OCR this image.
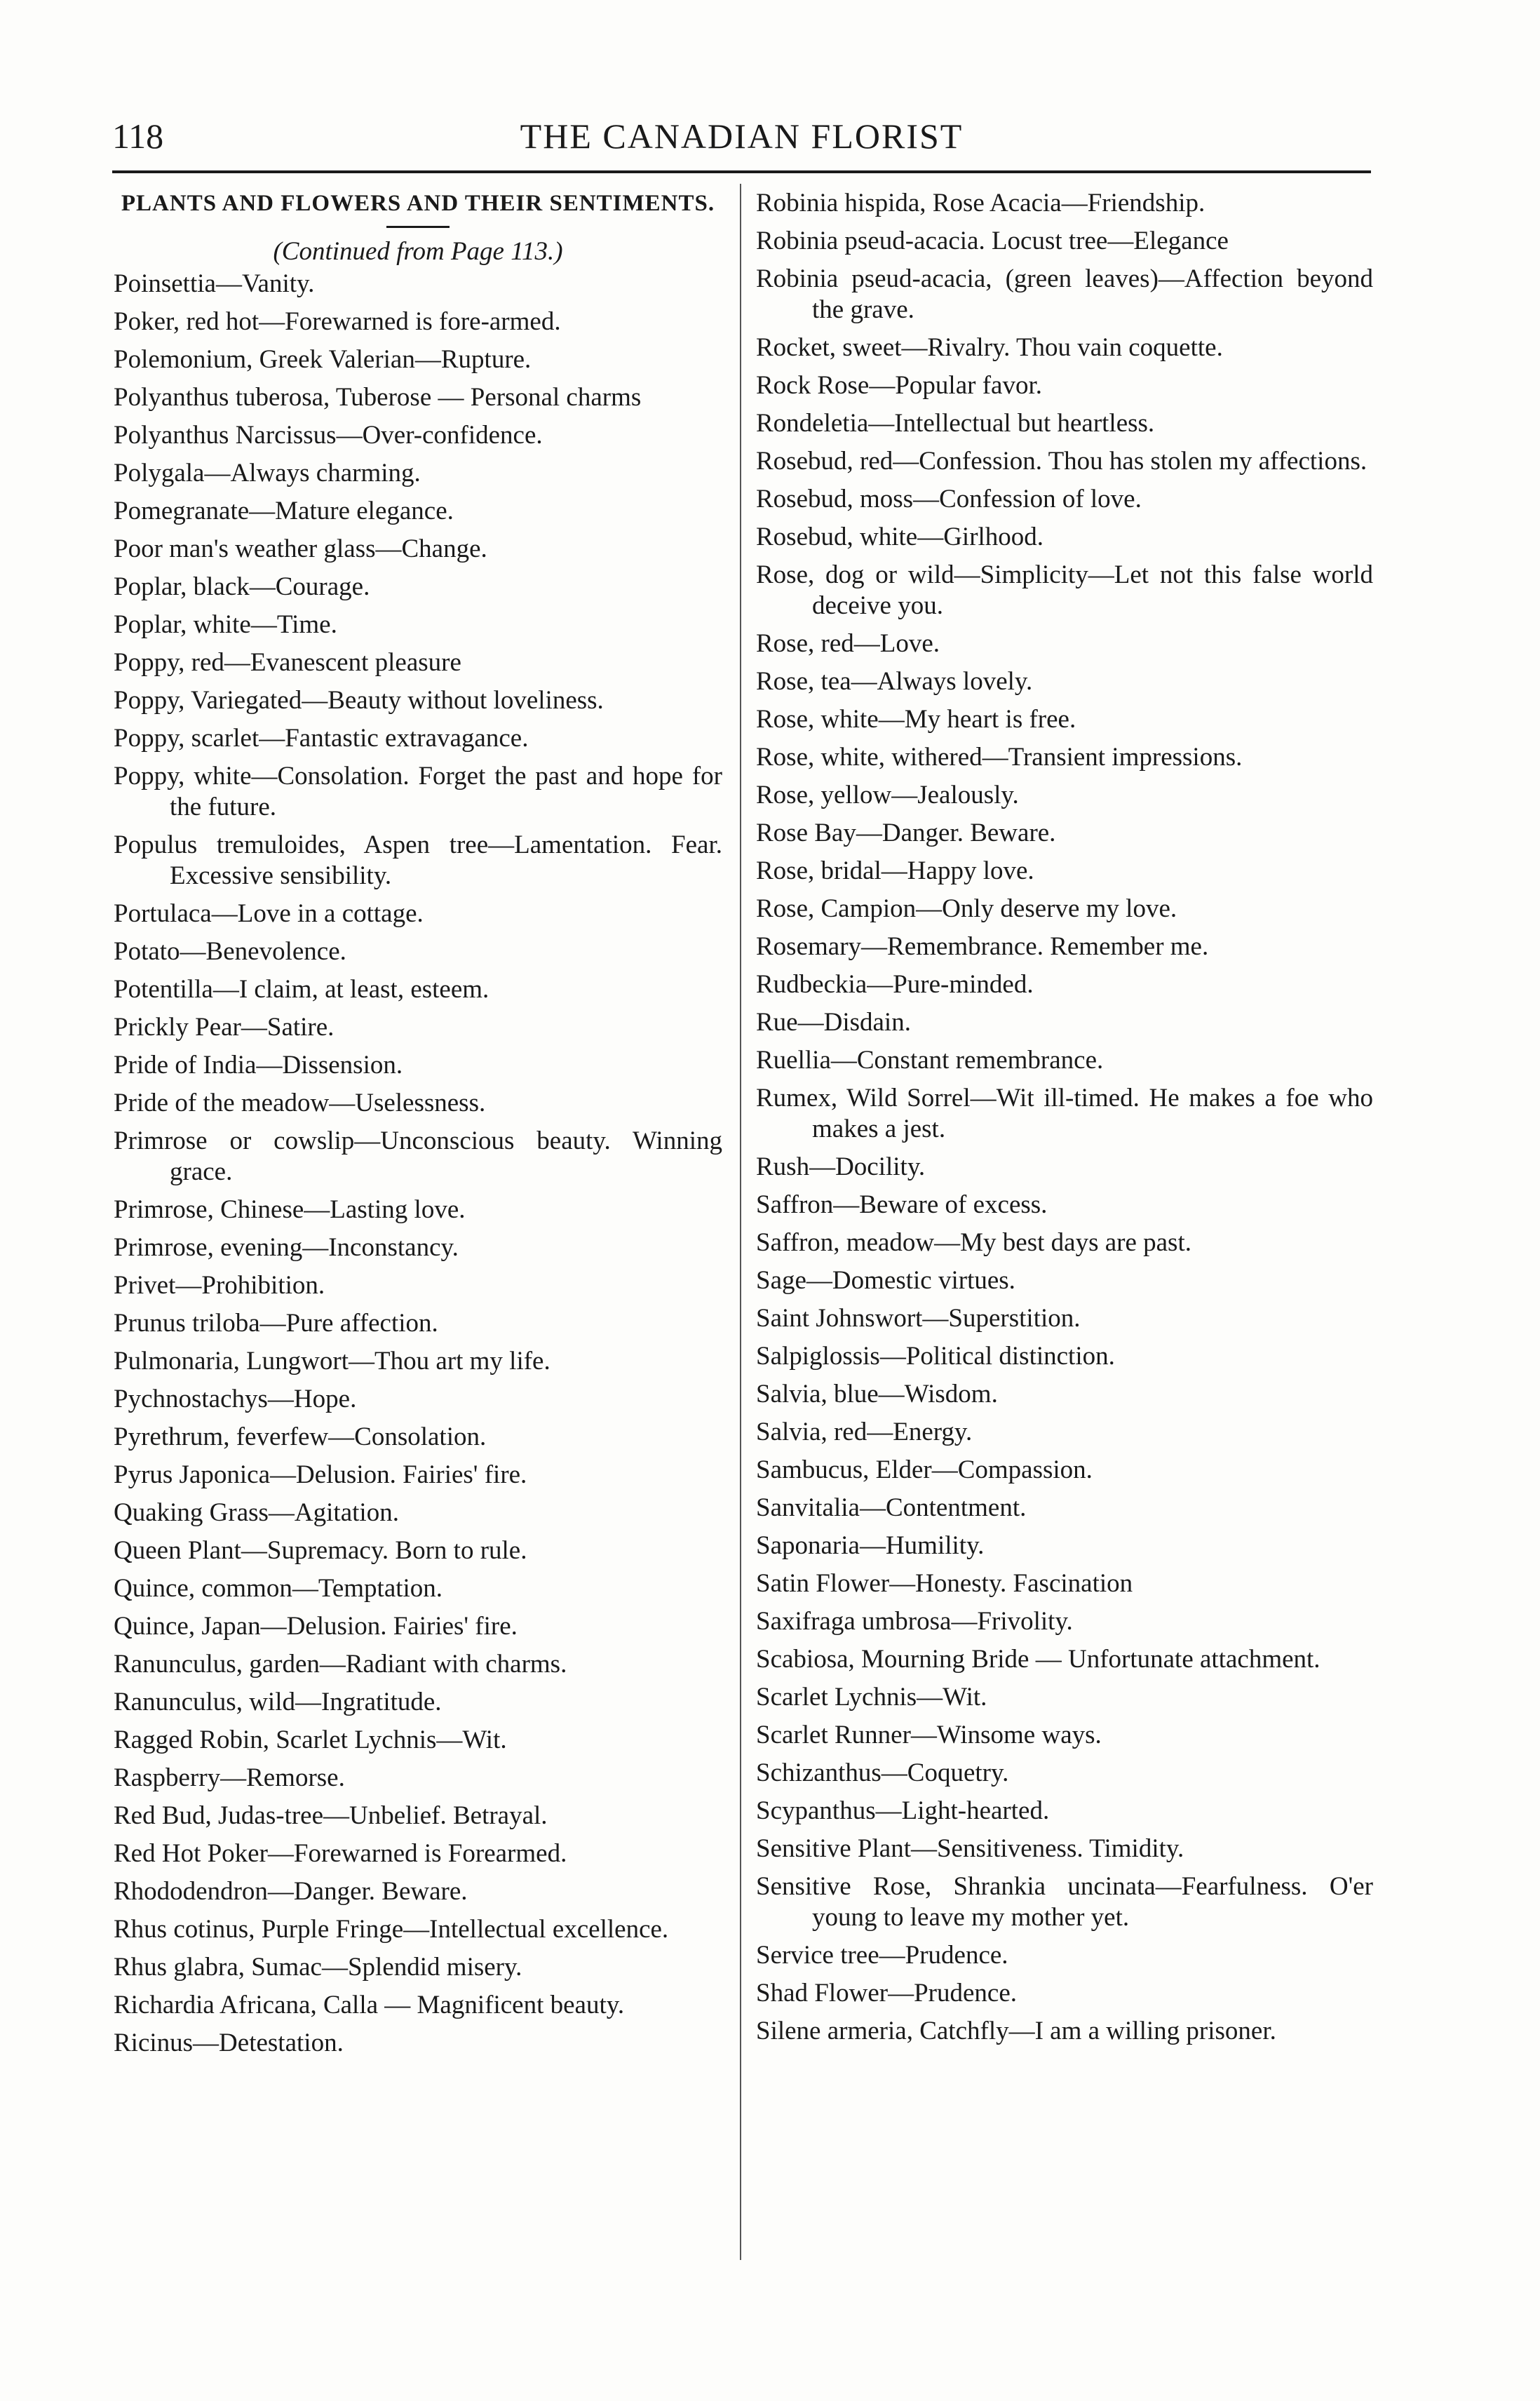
118	THE CANADIAN FLORIST
PLANTS AND FLOWERS AND THEIR SENTIMENTS.
(Continued from Page 113.)
Poinsettia—Vanity.
Poker, red hot—Forewarned is fore-armed.
Polemonium, Greek Valerian—Rupture.
Polyanthus tuberosa, Tuberose — Personal charms
Polyanthus Narcissus—Over-confidence.
Polygala—Always charming.
Pomegranate—Mature elegance.
Poor man's weather glass—Change.
Poplar, black—Courage.
Poplar, white—Time.
Poppy, red—Evanescent pleasure
Poppy, Variegated—Beauty without loveliness.
Poppy, scarlet—Fantastic extravagance.
Poppy, white—Consolation. Forget the past and hope for the future.
Populus tremuloides, Aspen tree—Lamentation. Fear. Excessive sensibility.
Portulaca—Love in a cottage.
Potato—Benevolence.
Potentilla—I claim, at least, esteem.
Prickly Pear—Satire.
Pride of India—Dissension.
Pride of the meadow—Uselessness.
Primrose or cowslip—Unconscious beauty. Winning grace.
Primrose, Chinese—Lasting love.
Primrose, evening—Inconstancy.
Privet—Prohibition.
Prunus triloba—Pure affection.
Pulmonaria, Lungwort—Thou art my life.
Pychnostachys—Hope.
Pyrethrum, feverfew—Consolation.
Pyrus Japonica—Delusion. Fairies' fire.
Quaking Grass—Agitation.
Queen Plant—Supremacy. Born to rule.
Quince, common—Temptation.
Quince, Japan—Delusion. Fairies' fire.
Ranunculus, garden—Radiant with charms.
Ranunculus, wild—Ingratitude.
Ragged Robin, Scarlet Lychnis—Wit.
Raspberry—Remorse.
Red Bud, Judas-tree—Unbelief. Betrayal.
Red Hot Poker—Forewarned is Forearmed.
Rhododendron—Danger. Beware.
Rhus cotinus, Purple Fringe—Intellectual excellence.
Rhus glabra, Sumac—Splendid misery.
Richardia Africana, Calla — Magnificent beauty.
Ricinus—Detestation.
Robinia hispida, Rose Acacia—Friendship.
Robinia pseud-acacia. Locust tree—Elegance
Robinia pseud-acacia, (green leaves)—Affection beyond the grave.
Rocket, sweet—Rivalry. Thou vain coquette.
Rock Rose—Popular favor.
Rondeletia—Intellectual but heartless.
Rosebud, red—Confession. Thou has stolen my affections.
Rosebud, moss—Confession of love.
Rosebud, white—Girlhood.
Rose, dog or wild—Simplicity—Let not this false world deceive you.
Rose, red—Love.
Rose, tea—Always lovely.
Rose, white—My heart is free.
Rose, white, withered—Transient impressions.
Rose, yellow—Jealously.
Rose Bay—Danger. Beware.
Rose, bridal—Happy love.
Rose, Campion—Only deserve my love.
Rosemary—Remembrance. Remember me.
Rudbeckia—Pure-minded.
Rue—Disdain.
Ruellia—Constant remembrance.
Rumex, Wild Sorrel—Wit ill-timed. He makes a foe who makes a jest.
Rush—Docility.
Saffron—Beware of excess.
Saffron, meadow—My best days are past.
Sage—Domestic virtues.
Saint Johnswort—Superstition.
Salpiglossis—Political distinction.
Salvia, blue—Wisdom.
Salvia, red—Energy.
Sambucus, Elder—Compassion.
Sanvitalia—Contentment.
Saponaria—Humility.
Satin Flower—Honesty. Fascination
Saxifraga umbrosa—Frivolity.
Scabiosa, Mourning Bride — Unfortunate attachment.
Scarlet Lychnis—Wit.
Scarlet Runner—Winsome ways.
Schizanthus—Coquetry.
Scypanthus—Light-hearted.
Sensitive Plant—Sensitiveness. Timidity.
Sensitive Rose, Shrankia uncinata—Fearfulness. O'er young to leave my mother yet.
Service tree—Prudence.
Shad Flower—Prudence.
Silene armeria, Catchfly—I am a willing prisoner.
